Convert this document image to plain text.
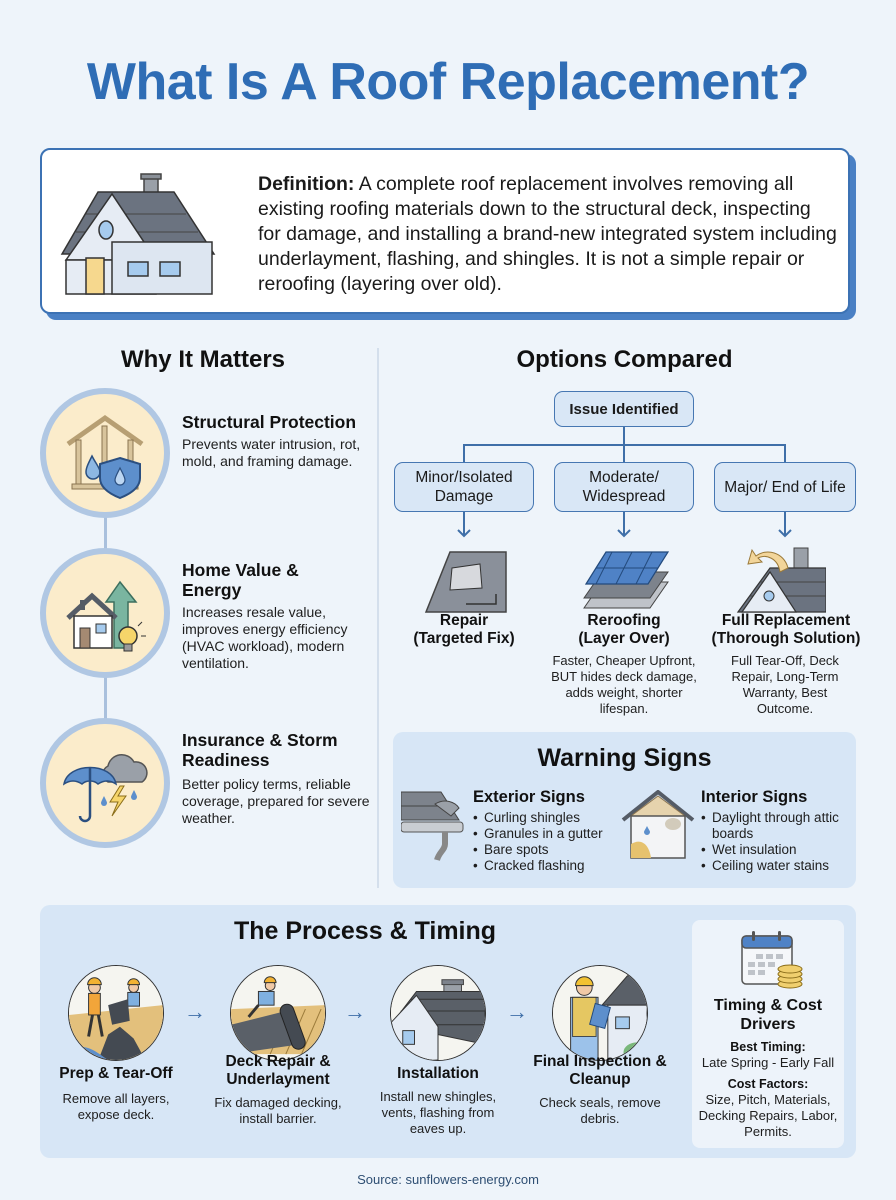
What Is A Roof Replacement?
Definition: A complete roof replacement involves removing all existing roofing materials down to the structural deck, inspecting for damage, and installing a brand-new integrated system including underlayment, flashing, and shingles. It is not a simple repair or reroofing (layering over old).
Why It Matters
Structural Protection
Prevents water intrusion, rot, mold, and framing damage.
Home Value & Energy
Increases resale value, improves energy efficiency (HVAC workload), modern ventilation.
Insurance & Storm Readiness
Better policy terms, reliable coverage, prepared for severe weather.
Options Compared
Issue Identified
Minor/Isolated Damage
Moderate/ Widespread
Major/ End of Life
Repair
(Targeted Fix)
Reroofing
(Layer Over)
Full Replacement
(Thorough Solution)
Faster, Cheaper Upfront, BUT hides deck damage, adds weight, shorter lifespan.
Full Tear-Off, Deck Repair, Long-Term Warranty, Best Outcome.
Warning Signs
Exterior Signs
• Curling shingles
• Granules in a gutter
• Bare spots
• Cracked flashing
Interior Signs
• Daylight through attic boards
• Wet insulation
• Ceiling water stains
The Process & Timing
→	→	→
Prep & Tear-Off
Remove all layers, expose deck.
Deck Repair & Underlayment
Fix damaged decking, install barrier.
Installation
Install new shingles, vents, flashing from eaves up.
Final Inspection & Cleanup
Check seals, remove debris.
Timing & Cost Drivers
Best Timing:
Late Spring - Early Fall
Cost Factors:
Size, Pitch, Materials, Decking Repairs, Labor, Permits.
Source: sunflowers-energy.com
